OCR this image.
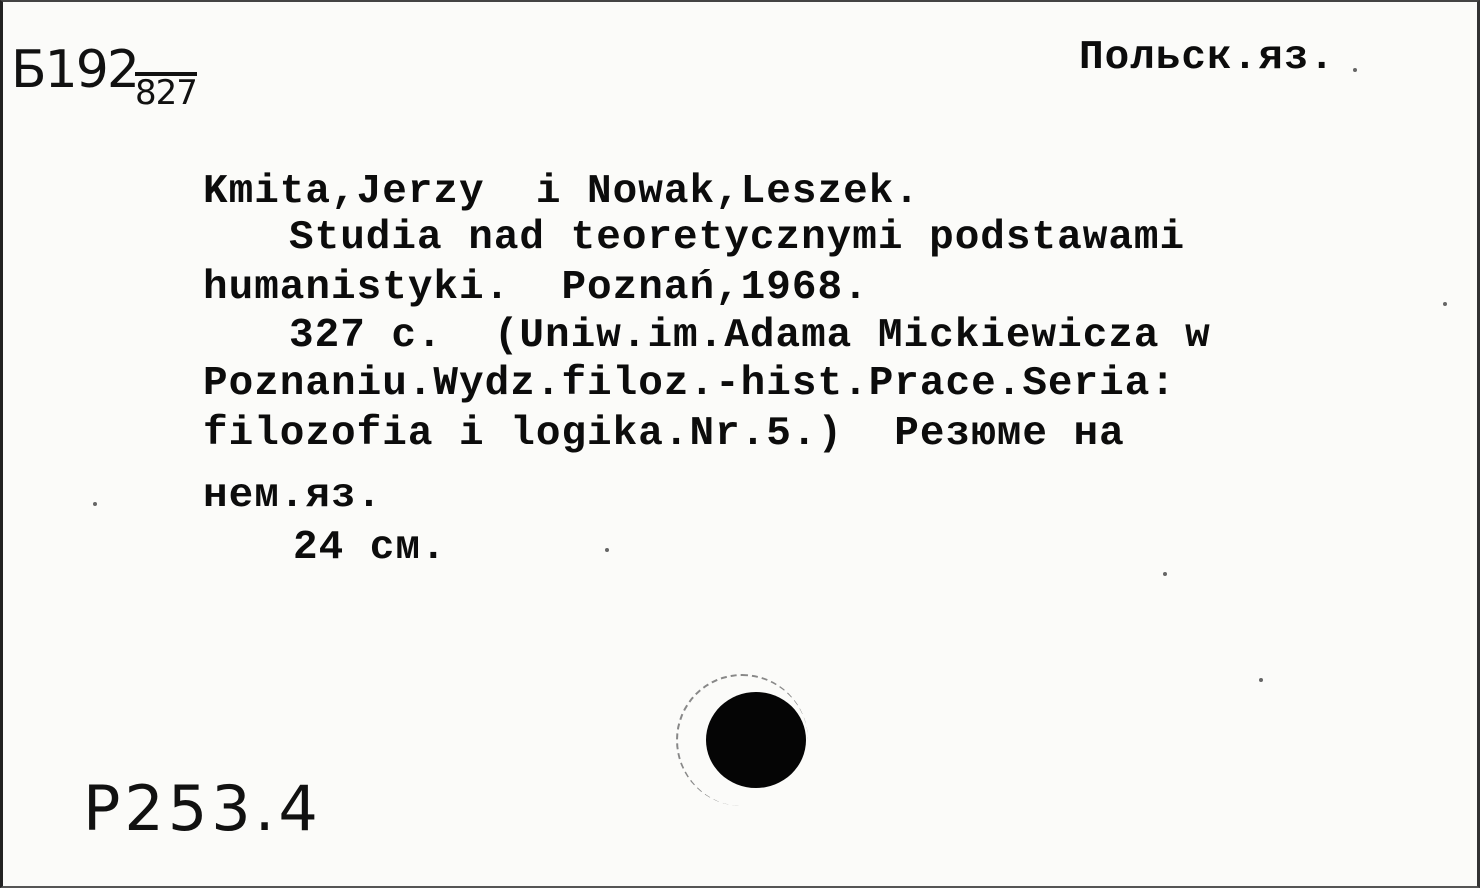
Б192
827
Польск.яз.
Kmita,Jerzy  i Nowak,Leszek.
Studia nad teoretycznymi podstawami
humanistyki.  Poznań,1968.
327 c.  (Uniw.im.Adama Mickiewicza w
Poznaniu.Wydz.filoz.-hist.Prace.Seria:
filozofia i logika.Nr.5.)  Резюме на
нем.яз.
24 см.
P253.4
